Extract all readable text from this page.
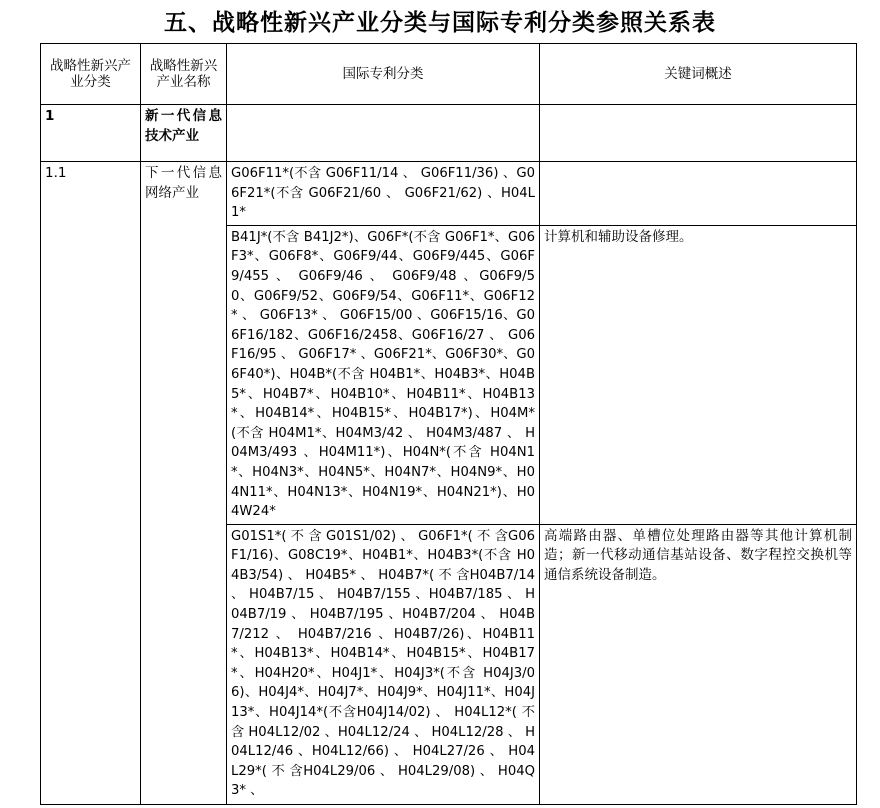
五、战略性新兴产业分类与国际专利分类参照关系表
战略性新兴产业分类	战略性新兴产业名称	国际专利分类	关键词概述
1	新一代信息技术产业		
1.1	下一代信息网络产业	G06F11*(不含 G06F11/14 、 G06F11/36) 、G06F21*(不含 G06F21/60 、 G06F21/62) 、H04L1*	
		B41J*(不含 B41J2*)、G06F*(不含 G06F1*、G06F3*、G06F8*、G06F9/44、G06F9/445、G06F9/455 、 G06F9/46 、 G06F9/48 、G06F9/50、G06F9/52、G06F9/54、G06F11*、G06F12* 、 G06F13* 、 G06F15/00 、G06F15/16、G06F16/182、G06F16/2458、G06F16/27 、 G06F16/95 、 G06F17* 、G06F21*、G06F30*、G06F40*)、H04B*(不含 H04B1*、H04B3*、H04B5*、H04B7*、H04B10*、H04B11*、H04B13*、H04B14*、H04B15*、H04B17*)、H04M*(不含 H04M1*、H04M3/42 、 H04M3/487 、 H04M3/493 、H04M11*)、H04N*(不含 H04N1*、H04N3*、H04N5*、H04N7*、H04N9*、H04N11*、H04N13*、H04N19*、H04N21*)、H04W24*	计算机和辅助设备修理。
		G01S1*( 不 含 G01S1/02) 、 G06F1*( 不 含G06F1/16)、G08C19*、H04B1*、H04B3*(不含 H04B3/54) 、 H04B5* 、 H04B7*( 不 含H04B7/14 、 H04B7/15 、 H04B7/155 、H04B7/185 、 H04B7/19 、 H04B7/195 、H04B7/204 、 H04B7/212 、 H04B7/216 、H04B7/26)、H04B11*、H04B13*、H04B14*、H04B15*、H04B17*、H04H20*、H04J1*、H04J3*(不含 H04J3/06)、H04J4*、H04J7*、H04J9*、H04J11*、H04J13*、H04J14*(不含H04J14/02) 、 H04L12*( 不 含 H04L12/02 、H04L12/24 、 H04L12/28 、 H04L12/46 、H04L12/66) 、 H04L27/26 、 H04L29*( 不 含H04L29/06 、 H04L29/08) 、 H04Q3* 、	高端路由器、单槽位处理路由器等其他计算机制造；新一代移动通信基站设备、数字程控交换机等通信系统设备制造。
